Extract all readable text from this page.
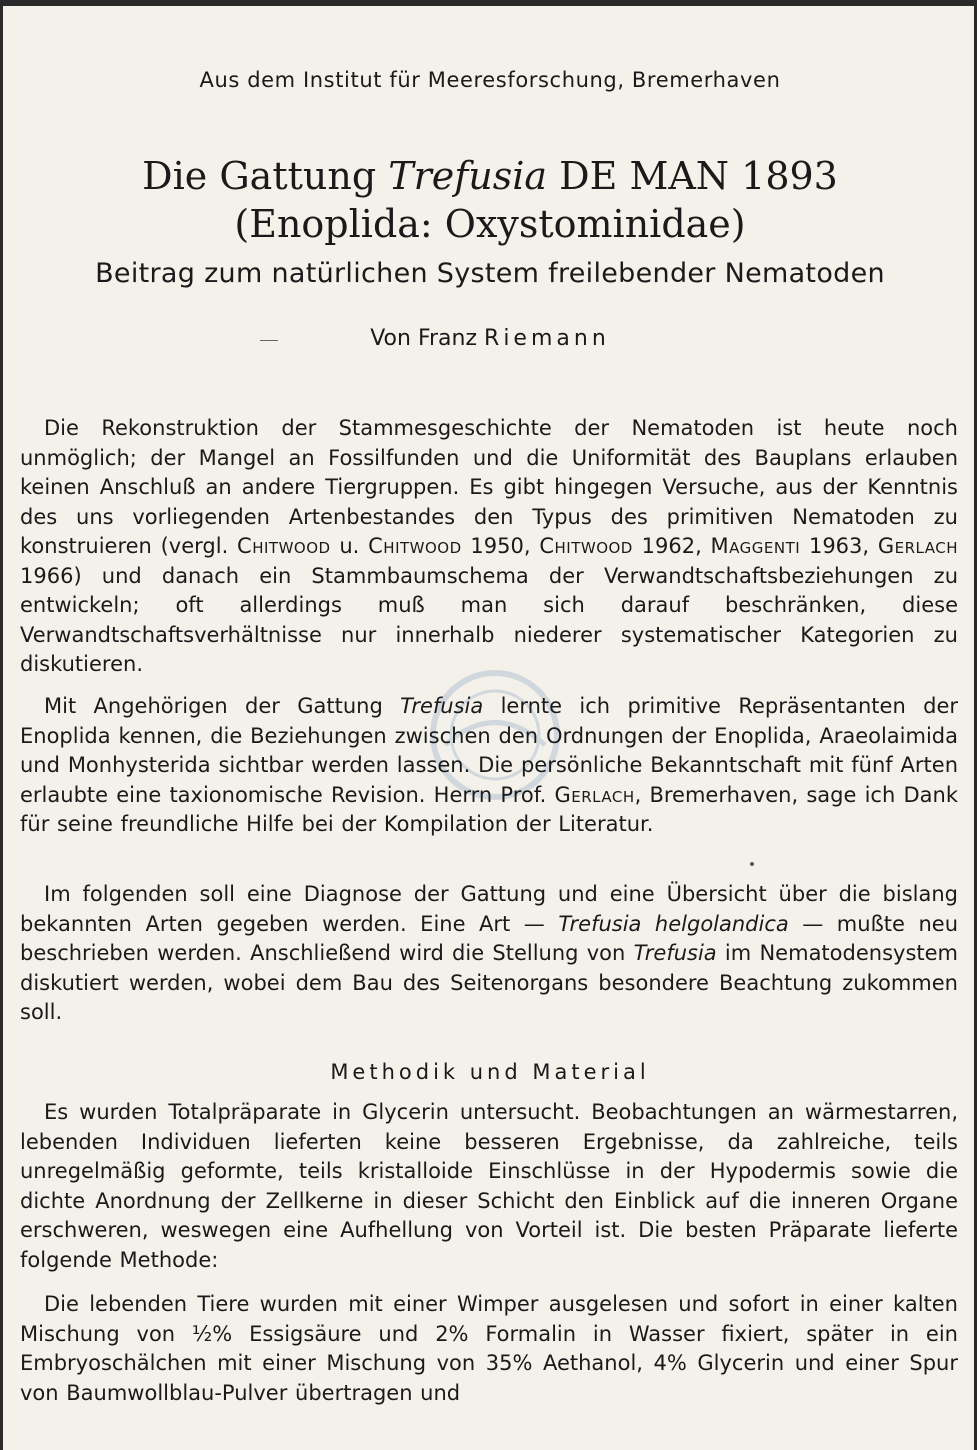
Aus dem Institut für Meeresforschung, Bremerhaven
Die Gattung Trefusia DE MAN 1893
(Enoplida: Oxystominidae)
Beitrag zum natürlichen System freilebender Nematoden
Von Franz Riemann

Die Rekonstruktion der Stammesgeschichte der Nematoden ist heute noch unmöglich; der Mangel an Fossilfunden und die Uniformität des Bauplans erlauben keinen Anschluß an andere Tiergruppen. Es gibt hingegen Versuche, aus der Kenntnis des uns vorliegenden Artenbestandes den Typus des primitiven Nematoden zu konstruieren (vergl. Chitwood u. Chitwood 1950, Chitwood 1962, Maggenti 1963, Gerlach 1966) und danach ein Stammbaumschema der Verwandtschaftsbeziehungen zu entwickeln; oft allerdings muß man sich darauf beschränken, diese Verwandtschaftsverhältnisse nur innerhalb niederer systematischer Kategorien zu diskutieren.

Mit Angehörigen der Gattung Trefusia lernte ich primitive Repräsentanten der Enoplida kennen, die Beziehungen zwischen den Ordnungen der Enoplida, Araeolaimida und Monhysterida sichtbar werden lassen. Die persönliche Bekanntschaft mit fünf Arten erlaubte eine taxionomische Revision. Herrn Prof. Gerlach, Bremerhaven, sage ich Dank für seine freundliche Hilfe bei der Kompilation der Literatur.

Im folgenden soll eine Diagnose der Gattung und eine Übersicht über die bislang bekannten Arten gegeben werden. Eine Art — Trefusia helgolandica — mußte neu beschrieben werden. Anschließend wird die Stellung von Trefusia im Nematodensystem diskutiert werden, wobei dem Bau des Seitenorgans besondere Beachtung zukommen soll.

Methodik und Material

Es wurden Totalpräparate in Glycerin untersucht. Beobachtungen an wärmestarren, lebenden Individuen lieferten keine besseren Ergebnisse, da zahlreiche, teils unregelmäßig geformte, teils kristalloide Einschlüsse in der Hypodermis sowie die dichte Anordnung der Zellkerne in dieser Schicht den Einblick auf die inneren Organe erschweren, weswegen eine Aufhellung von Vorteil ist. Die besten Präparate lieferte folgende Methode:

Die lebenden Tiere wurden mit einer Wimper ausgelesen und sofort in einer kalten Mischung von ½% Essigsäure und 2% Formalin in Wasser fixiert, später in ein Embryoschälchen mit einer Mischung von 35% Aethanol, 4% Glycerin und einer Spur von Baumwollblau-Pulver übertragen und
